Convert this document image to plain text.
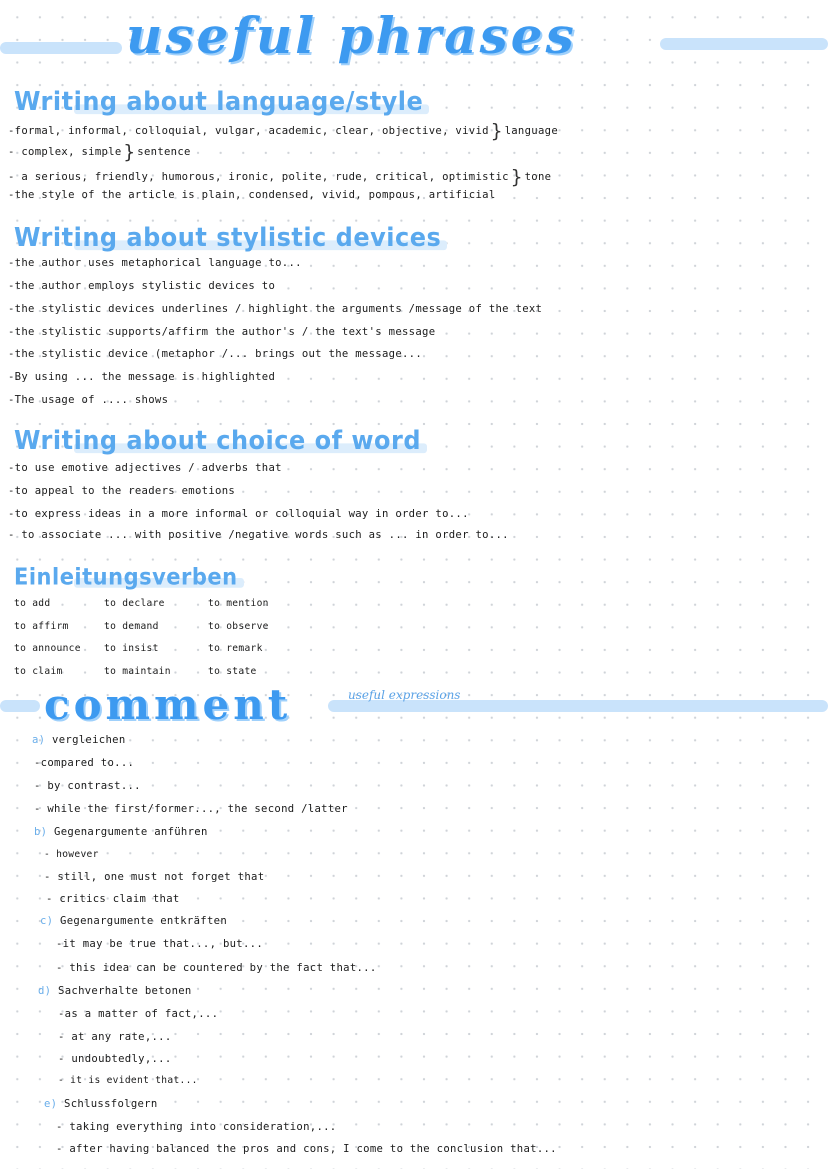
useful phrases
Writing about language/style
-formal, informal, colloquial, vulgar, academic, clear, objective, vivid } language
- complex, simple } sentence
- a serious, friendly, humorous, ironic, polite, rude, critical, optimistic } tone
-the style of the article is plain, condensed, vivid, pompous, artificial
Writing about stylistic devices
-the author uses metaphorical language to...
-the author employs stylistic devices to
-the stylistic devices underlines / highlight the arguments /message of the text
-the stylistic supports/affirm the author's / the text's message
-the stylistic device (metaphor /... brings out the message...
-By using ... the message is highlighted
-The usage of .... shows
Writing about choice of word
-to use emotive adjectives / adverbs that
-to appeal to the readers emotions
-to express ideas in a more informal or colloquial way in order to...
- to associate ... with positive /negative words such as ... in order to...
Einleitungsverben
to add
to affirm
to announce
to claim
to declare
to demand
to insist
to maintain
to mention
to observe
to remark
to state
comment	useful expressions
a) vergleichen
-compared to...
- by contrast...
- while the first/former..., the second /latter
b) Gegenargumente anführen
- however
- still, one must not forget that
- critics claim that
c) Gegenargumente entkräften
-it may be true that..., but...
- this idea can be countered by the fact that...
d) Sachverhalte betonen
-as a matter of fact,...
- at any rate,...
- undoubtedly,...
- it is evident that...
e) Schlussfolgern
- taking everything into consideration,...
- after having balanced the pros and cons, I come to the conclusion that...
